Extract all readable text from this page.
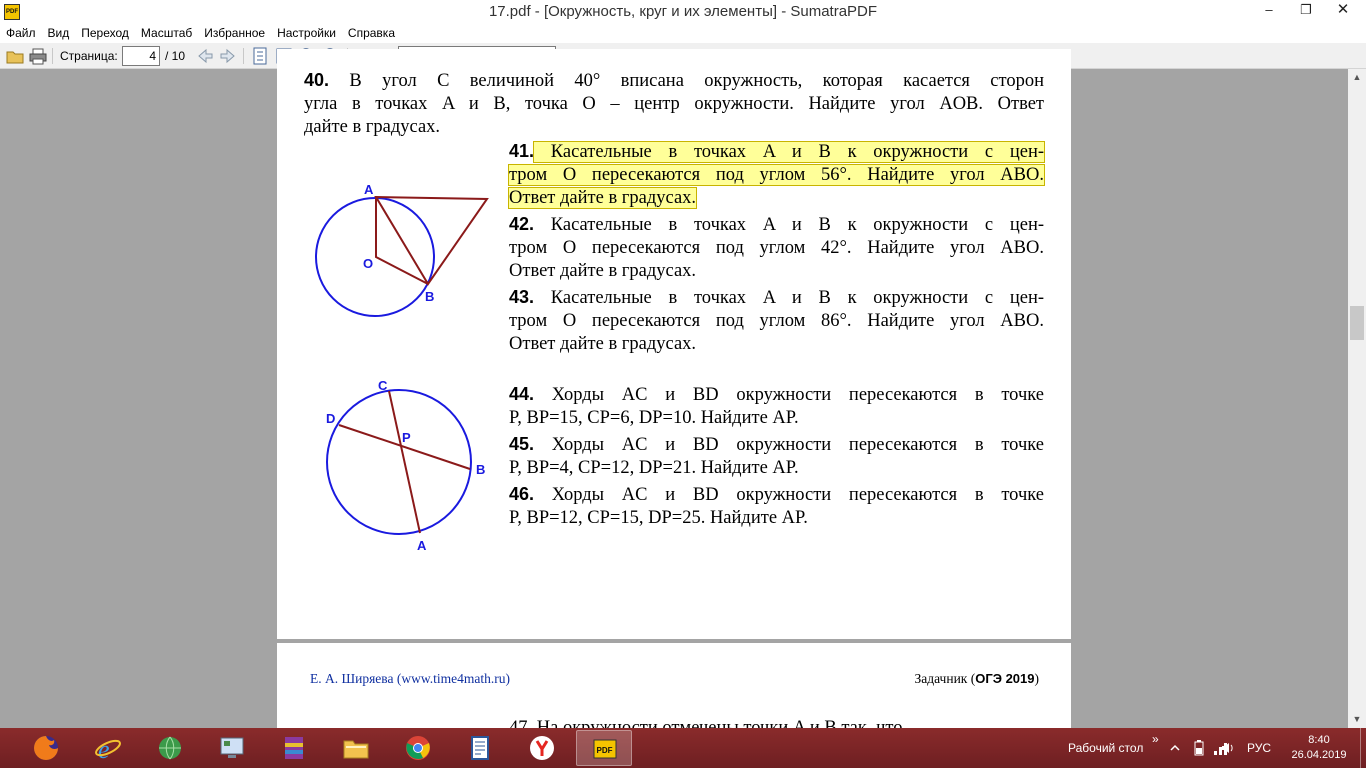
PDF	17.pdf - [Окружность, круг и их элементы] - SumatraPDF	–	❐	✕
Файл	Вид	Переход	Масштаб	Избранное	Настройки	Справка
Страница:	4 / 10
40. В угол C величиной 40° вписана окружность, которая касается сторон
угла в точках A и B, точка O – центр окружности. Найдите угол AOB. Ответ
дайте в градусах.
A
O
B
41. Касательные в точках A и B к окружности с цен-
тром O пересекаются под углом 56°. Найдите угол ABO.
Ответ дайте в градусах.
42. Касательные в точках A и B к окружности с цен-
тром O пересекаются под углом 42°. Найдите угол ABO.
Ответ дайте в градусах.
43. Касательные в точках A и B к окружности с цен-
тром O пересекаются под углом 86°. Найдите угол ABO.
Ответ дайте в градусах.
C
D
P
B
A
44. Хорды AC и BD окружности пересекаются в точке
P, BP=15, CP=6, DP=10. Найдите AP.
45. Хорды AC и BD окружности пересекаются в точке
P, BP=4, CP=12, DP=21. Найдите AP.
46. Хорды AC и BD окружности пересекаются в точке
P, BP=12, CP=15, DP=25. Найдите AP.
Е. А. Ширяева (www.time4math.ru)	Задачник (ОГЭ 2019)
▲
▼
e	PDF	Рабочий стол
»
РУС
8:40
26.04.2019
